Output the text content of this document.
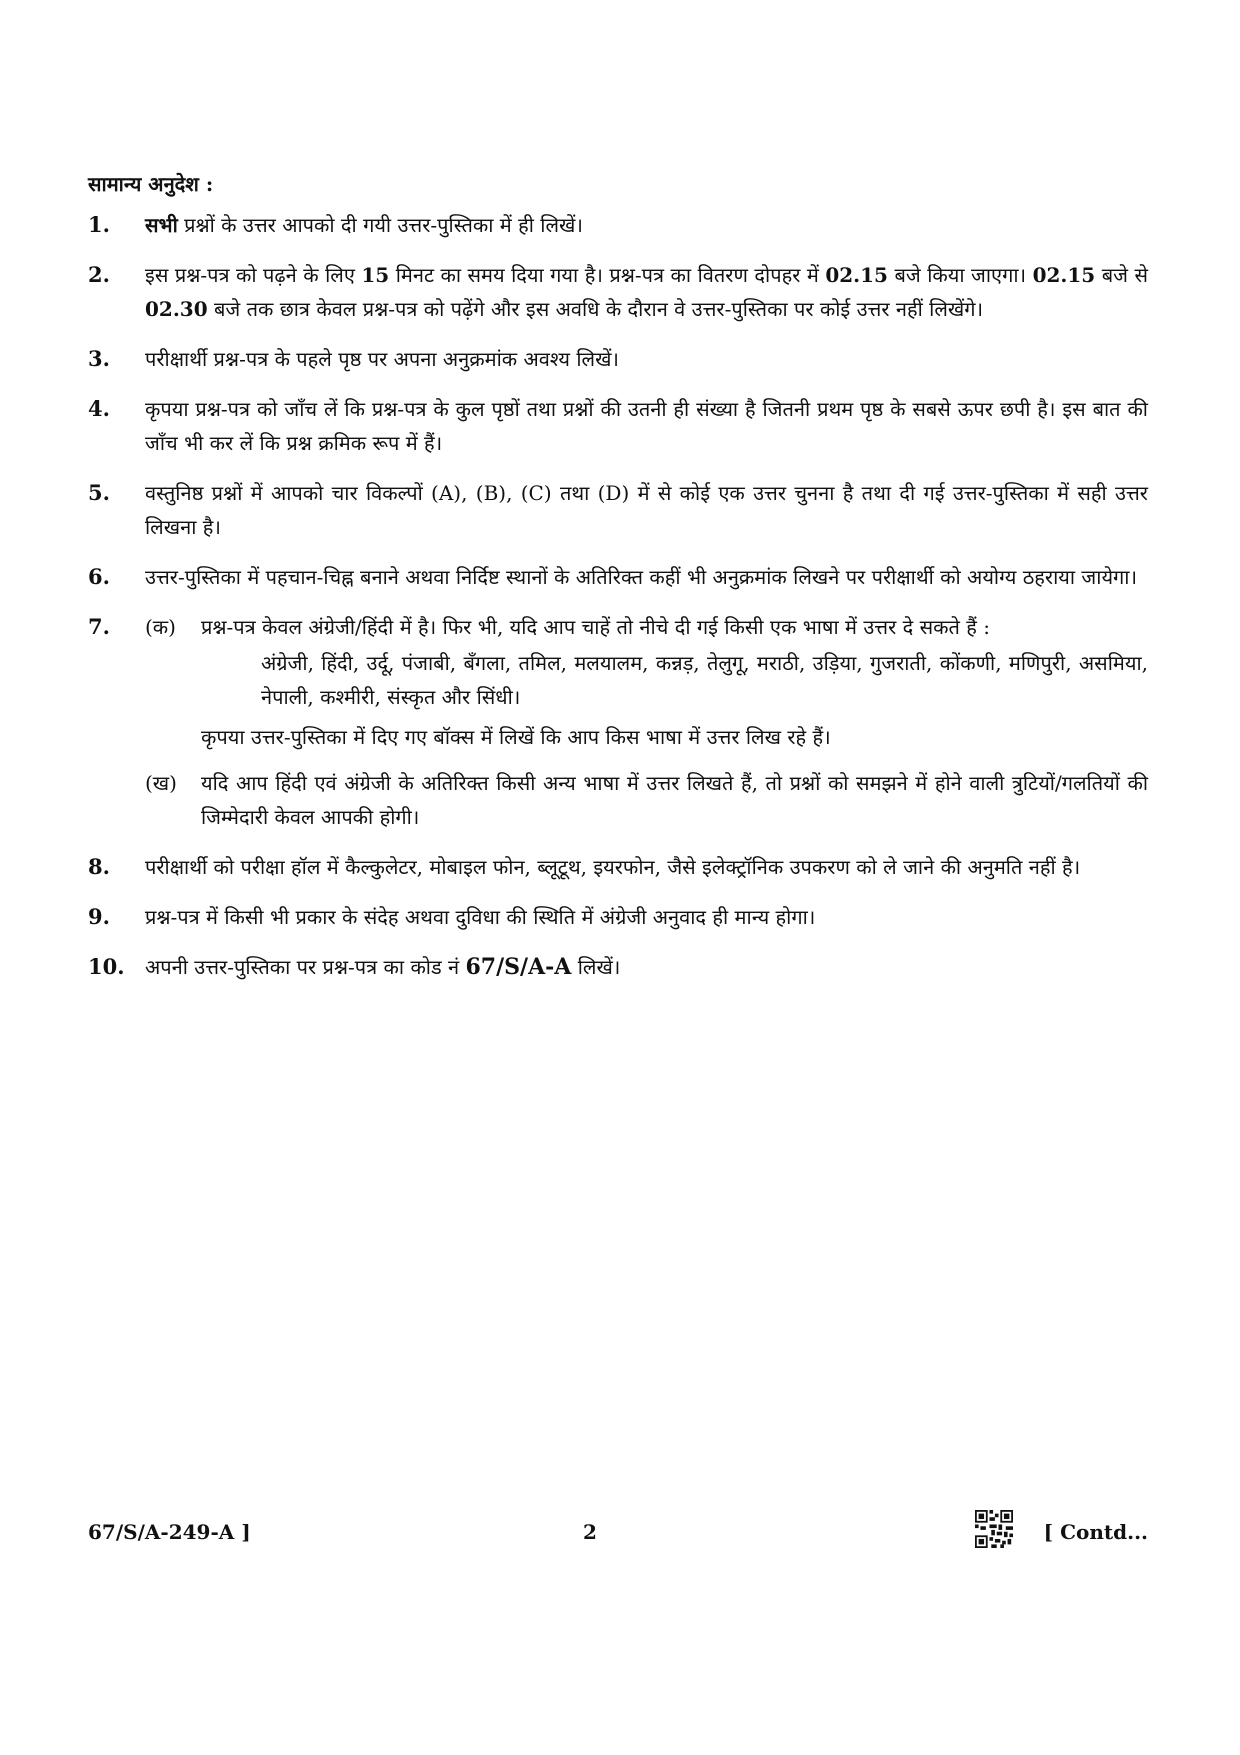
सामान्य अनुदेश :

1. सभी प्रश्नों के उत्तर आपको दी गयी उत्तर-पुस्तिका में ही लिखें।
2. इस प्रश्न-पत्र को पढ़ने के लिए 15 मिनट का समय दिया गया है। प्रश्न-पत्र का वितरण दोपहर में 02.15 बजे किया जाएगा। 02.15 बजे से 02.30 बजे तक छात्र केवल प्रश्न-पत्र को पढ़ेंगे और इस अवधि के दौरान वे उत्तर-पुस्तिका पर कोई उत्तर नहीं लिखेंगे।
3. परीक्षार्थी प्रश्न-पत्र के पहले पृष्ठ पर अपना अनुक्रमांक अवश्य लिखें।
4. कृपया प्रश्न-पत्र को जाँच लें कि प्रश्न-पत्र के कुल पृष्ठों तथा प्रश्नों की उतनी ही संख्या है जितनी प्रथम पृष्ठ के सबसे ऊपर छपी है। इस बात की जाँच भी कर लें कि प्रश्न क्रमिक रूप में हैं।
5. वस्तुनिष्ठ प्रश्नों में आपको चार विकल्पों (A), (B), (C) तथा (D) में से कोई एक उत्तर चुनना है तथा दी गई उत्तर-पुस्तिका में सही उत्तर लिखना है।
6. उत्तर-पुस्तिका में पहचान-चिह्न बनाने अथवा निर्दिष्ट स्थानों के अतिरिक्त कहीं भी अनुक्रमांक लिखने पर परीक्षार्थी को अयोग्य ठहराया जायेगा।
7. (क) प्रश्न-पत्र केवल अंग्रेजी/हिंदी में है। फिर भी, यदि आप चाहें तो नीचे दी गई किसी एक भाषा में उत्तर दे सकते हैं :
अंग्रेजी, हिंदी, उर्दू, पंजाबी, बँगला, तमिल, मलयालम, कन्नड़, तेलुगू, मराठी, उड़िया, गुजराती, कोंकणी, मणिपुरी, असमिया, नेपाली, कश्मीरी, संस्कृत और सिंधी।
कृपया उत्तर-पुस्तिका में दिए गए बॉक्स में लिखें कि आप किस भाषा में उत्तर लिख रहे हैं।
(ख) यदि आप हिंदी एवं अंग्रेजी के अतिरिक्त किसी अन्य भाषा में उत्तर लिखते हैं, तो प्रश्नों को समझने में होने वाली त्रुटियों/गलतियों की जिम्मेदारी केवल आपकी होगी।
8. परीक्षार्थी को परीक्षा हॉल में कैल्कुलेटर, मोबाइल फोन, ब्लूटूथ, इयरफोन, जैसे इलेक्ट्रॉनिक उपकरण को ले जाने की अनुमति नहीं है।
9. प्रश्न-पत्र में किसी भी प्रकार के संदेह अथवा दुविधा की स्थिति में अंग्रेजी अनुवाद ही मान्य होगा।
10. अपनी उत्तर-पुस्तिका पर प्रश्न-पत्र का कोड नं 67/S/A-A लिखें।
67/S/A-249-A ]	2	[ Contd...
